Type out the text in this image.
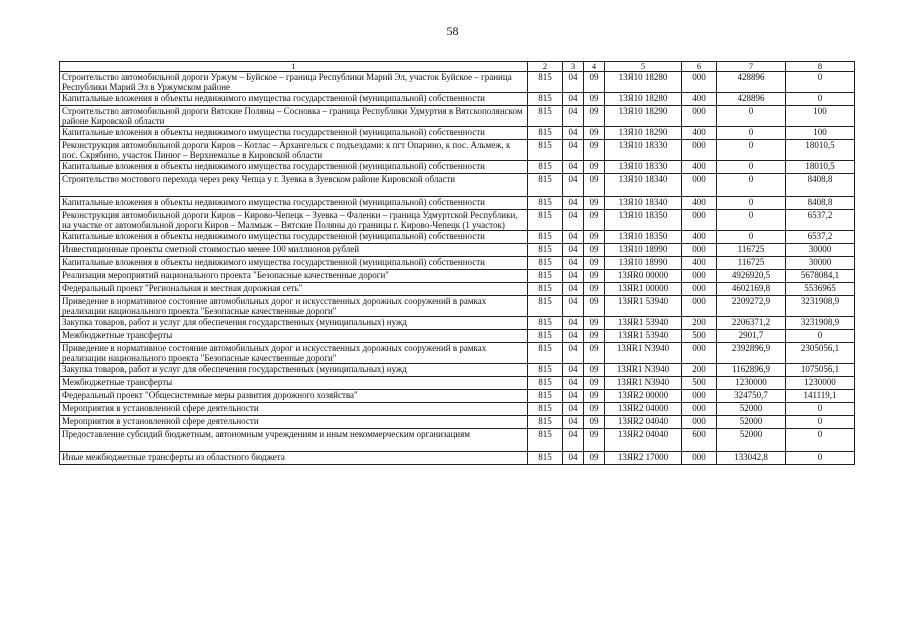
58
1	2	3	4	5	6	7	8
Строительство автомобильной дороги Уржум – Буйское – граница Республики Марий Эл, участок Буйское – граница Республики Марий Эл в Уржумском районе	815	04	09	13Я10 18280	000	428896	0
Капитальные вложения в объекты недвижимого имущества государственной (муниципальной) собственности	815	04	09	13Я10 18280	400	428896	0
Строительство автомобильной дороги Вятские Поляны – Сосновка – граница Республики Удмуртия в Вятскополянском районе Кировской области	815	04	09	13Я10 18290	000	0	100
Капитальные вложения в объекты недвижимого имущества государственной (муниципальной) собственности	815	04	09	13Я10 18290	400	0	100
Реконструкция автомобильной дороги Киров – Котлас – Архангельск с подъездами: к пгт Опарино, к пос. Альмеж, к пос. Скрябино, участок Пинюг – Верхнемалье в Кировской области	815	04	09	13Я10 18330	000	0	18010,5
Капитальные вложения в объекты недвижимого имущества государственной (муниципальной) собственности	815	04	09	13Я10 18330	400	0	18010,5
Строительство мостового перехода через реку Чепца у г. Зуевка в Зуевском районе Кировской области	815	04	09	13Я10 18340	000	0	8408,8
Капитальные вложения в объекты недвижимого имущества государственной (муниципальной) собственности	815	04	09	13Я10 18340	400	0	8408,8
Реконструкция автомобильной дороги Киров – Кирово-Чепецк – Зуевка – Фаленки – граница Удмуртской Республики, на участке от автомобильной дороги Киров – Малмыж – Вятские Поляны до границы г. Кирово-Чепецк (1 участок)	815	04	09	13Я10 18350	000	0	6537,2
Капитальные вложения в объекты недвижимого имущества государственной (муниципальной) собственности	815	04	09	13Я10 18350	400	0	6537,2
Инвестиционные проекты сметной стоимостью менее 100 миллионов рублей	815	04	09	13Я10 18990	000	116725	30000
Капитальные вложения в объекты недвижимого имущества государственной (муниципальной) собственности	815	04	09	13Я10 18990	400	116725	30000
Реализация мероприятий национального проекта "Безопасные качественные дороги"	815	04	09	13ЯR0 00000	000	4926920,5	5678084,1
Федеральный проект "Региональная и местная дорожная сеть"	815	04	09	13ЯR1 00000	000	4602169,8	5536965
Приведение в нормативное состояние автомобильных дорог и искусственных дорожных сооружений в рамках реализации национального проекта "Безопасные качественные дороги"	815	04	09	13ЯR1 53940	000	2209272,9	3231908,9
Закупка товаров, работ и услуг для обеспечения государственных (муниципальных) нужд	815	04	09	13ЯR1 53940	200	2206371,2	3231908,9
Межбюджетные трансферты	815	04	09	13ЯR1 53940	500	2901,7	0
Приведение в нормативное состояние автомобильных дорог и искусственных дорожных сооружений в рамках реализации национального проекта "Безопасные качественные дороги"	815	04	09	13ЯR1 N3940	000	2392896,9	2305056,1
Закупка товаров, работ и услуг для обеспечения государственных (муниципальных) нужд	815	04	09	13ЯR1 N3940	200	1162896,9	1075056,1
Межбюджетные трансферты	815	04	09	13ЯR1 N3940	500	1230000	1230000
Федеральный проект "Общесистемные меры развития дорожного хозяйства"	815	04	09	13ЯR2 00000	000	324750,7	141119,1
Мероприятия в установленной сфере деятельности	815	04	09	13ЯR2 04000	000	52000	0
Мероприятия в установленной сфере деятельности	815	04	09	13ЯR2 04040	000	52000	0
Предоставление субсидий бюджетным, автономным учреждениям и иным некоммерческим организациям	815	04	09	13ЯR2 04040	600	52000	0
Иные межбюджетные трансферты из областного бюджета	815	04	09	13ЯR2 17000	000	133042,8	0
